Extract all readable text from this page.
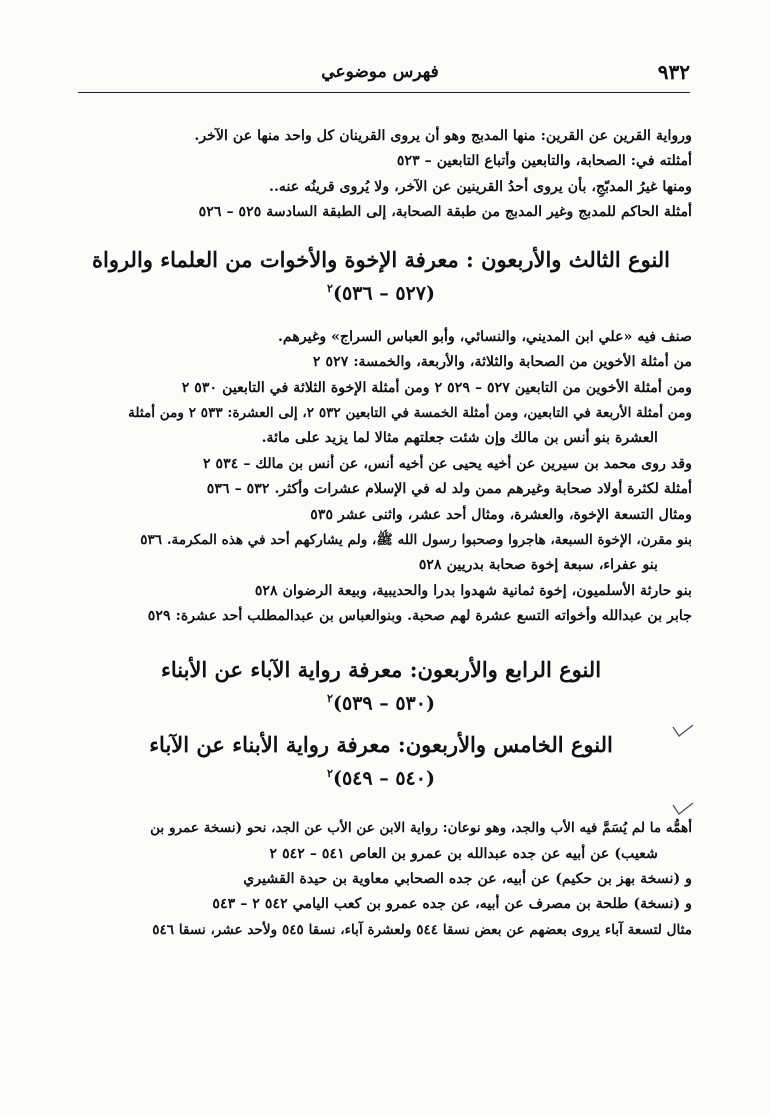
٩٣٢
فهرس موضوعي
ورواية القرين عن القرين: منها المدبج وهو أن يروى القرينان كل واحد منها عن الآخر.
أمثلته في: الصحابة، والتابعين وأتباع التابعين – ٥٢٣
ومنها غيرُ المدبّجِ، بأن يروى أحدُ القرينين عن الآخر، ولا يُروى قرينُه عنه..
أمثلة الحاكم للمدبج وغير المدبج من طبقة الصحابة، إلى الطبقة السادسة ٥٢٥ – ٥٢٦
النوع الثالث والأربعون : معرفة الإخوة والأخوات من العلماء والرواة
(٥٢٧ – ٥٣٦)$^٢$
صنف فيه «علي ابن المديني، والنسائي، وأبو العباس السراج» وغيرهم.
من أمثلة الأخوين من الصحابة والثلاثة، والأربعة، والخمسة: ٥٢٧ ٢
ومن أمثلة الأخوين من التابعين ٥٢٧ – ٥٢٩ ٢ ومن أمثلة الإخوة الثلاثة في التابعين ٥٣٠ ٢
ومن أمثلة الأربعة في التابعين، ومن أمثلة الخمسة في التابعين ٥٣٢ ٢، إلى العشرة: ٥٣٣ ٢ ومن أمثلة
العشرة بنو أنس بن مالك وإن شئت جعلتهم مثالا لما يزيد على مائة.
وقد روى محمد بن سيرين عن أخيه يحيى عن أخيه أنس، عن أنس بن مالك – ٥٣٤ ٢
أمثلة لكثرة أولاد صحابة وغيرهم ممن ولد له في الإسلام عشرات وأكثر. ٥٣٢ – ٥٣٦
ومثال التسعة الإخوة، والعشرة، ومثال أحد عشر، واثنى عشر ٥٣٥
بنو مقرن، الإخوة السبعة، هاجروا وصحبوا رسول الله ﷺ، ولم يشاركهم أحد في هذه المكرمة. ٥٣٦
بنو عفراء، سبعة إخوة صحابة بدريين ٥٢٨
بنو حارثة الأسلميون، إخوة ثمانية شهدوا بدرا والحديبية، وبيعة الرضوان ٥٢٨
جابر بن عبدالله وأخواته التسع عشرة لهم صحبة. وبنوالعباس بن عبدالمطلب أحد عشرة: ٥٢٩
النوع الرابع والأربعون: معرفة رواية الآباء عن الأبناء
(٥٣٠ – ٥٣٩)$^٢$
النوع الخامس والأربعون: معرفة رواية الأبناء عن الآباء
(٥٤٠ – ٥٤٩)$^٢$
أهمُّه ما لم يُسَمَّ فيه الأب والجد، وهو نوعان: رواية الابن عن الأب عن الجد، نحو (نسخة عمرو بن
شعيب) عن أبيه عن جده عبدالله بن عمرو بن العاص ٥٤١ – ٥٤٢ ٢
و (نسخة بهز بن حكيم) عن أبيه، عن جده الصحابي معاوية بن حيدة القشيري
و (نسخة) طلحة بن مصرف عن أبيه، عن جده عمرو بن كعب اليامي ٥٤٢ ٢ – ٥٤٣
مثال لتسعة آباء يروى بعضهم عن بعض نسقا ٥٤٤ ولعشرة آباء، نسقا ٥٤٥ ولأحد عشر، نسقا ٥٤٦
